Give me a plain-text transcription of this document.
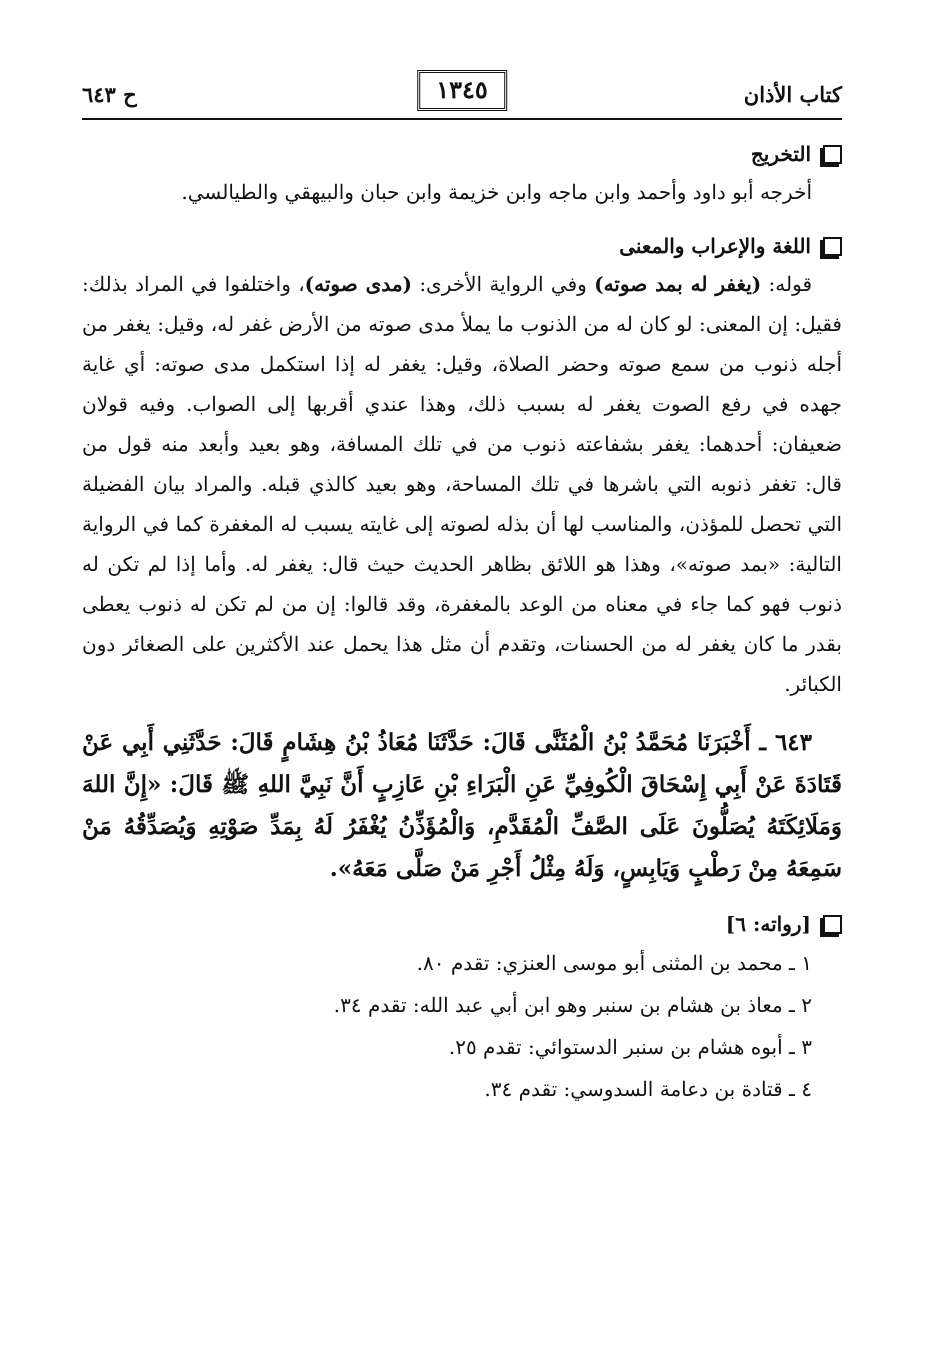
كتاب الأذان
١٣٤٥
ح ٦٤٣
التخريج

أخرجه أبو داود وأحمد وابن ماجه وابن خزيمة وابن حبان والبيهقي والطيالسي.

اللغة والإعراب والمعنى

قوله: (يغفر له بمد صوته) وفي الرواية الأخرى: (مدى صوته)، واختلفوا في المراد بذلك: فقيل: إن المعنى: لو كان له من الذنوب ما يملأ مدى صوته من الأرض غفر له، وقيل: يغفر من أجله ذنوب من سمع صوته وحضر الصلاة، وقيل: يغفر له إذا استكمل مدى صوته: أي غاية جهده في رفع الصوت يغفر له بسبب ذلك، وهذا عندي أقربها إلى الصواب. وفيه قولان ضعيفان: أحدهما: يغفر بشفاعته ذنوب من في تلك المسافة، وهو بعيد وأبعد منه قول من قال: تغفر ذنوبه التي باشرها في تلك المساحة، وهو بعيد كالذي قبله. والمراد بيان الفضيلة التي تحصل للمؤذن، والمناسب لها أن بذله لصوته إلى غايته يسبب له المغفرة كما في الرواية التالية: «بمد صوته»، وهذا هو اللائق بظاهر الحديث حيث قال: يغفر له. وأما إذا لم تكن له ذنوب فهو كما جاء في معناه من الوعد بالمغفرة، وقد قالوا: إن من لم تكن له ذنوب يعطى بقدر ما كان يغفر له من الحسنات، وتقدم أن مثل هذا يحمل عند الأكثرين على الصغائر دون الكبائر.

٦٤٣ ـ أَخْبَرَنَا مُحَمَّدُ بْنُ الْمُثَنَّى قَالَ: حَدَّثَنَا مُعَاذُ بْنُ هِشَامٍ قَالَ: حَدَّثَنِي أَبِي عَنْ قَتَادَةَ عَنْ أَبِي إِسْحَاقَ الْكُوفِيِّ عَنِ الْبَرَاءِ بْنِ عَازِبٍ أَنَّ نَبِيَّ اللهِ ﷺ قَالَ: «إِنَّ اللهَ وَمَلَائِكَتَهُ يُصَلُّونَ عَلَى الصَّفِّ الْمُقَدَّمِ، وَالْمُؤَذِّنُ يُغْفَرُ لَهُ بِمَدِّ صَوْتِهِ وَيُصَدِّقُهُ مَنْ سَمِعَهُ مِنْ رَطْبٍ وَيَابِسٍ، وَلَهُ مِثْلُ أَجْرِ مَنْ صَلَّى مَعَهُ».

[رواته: ٦]
١ ـ محمد بن المثنى أبو موسى العنزي: تقدم ٨٠.
٢ ـ معاذ بن هشام بن سنبر وهو ابن أبي عبد الله: تقدم ٣٤.
٣ ـ أبوه هشام بن سنبر الدستوائي: تقدم ٢٥.
٤ ـ قتادة بن دعامة السدوسي: تقدم ٣٤.
